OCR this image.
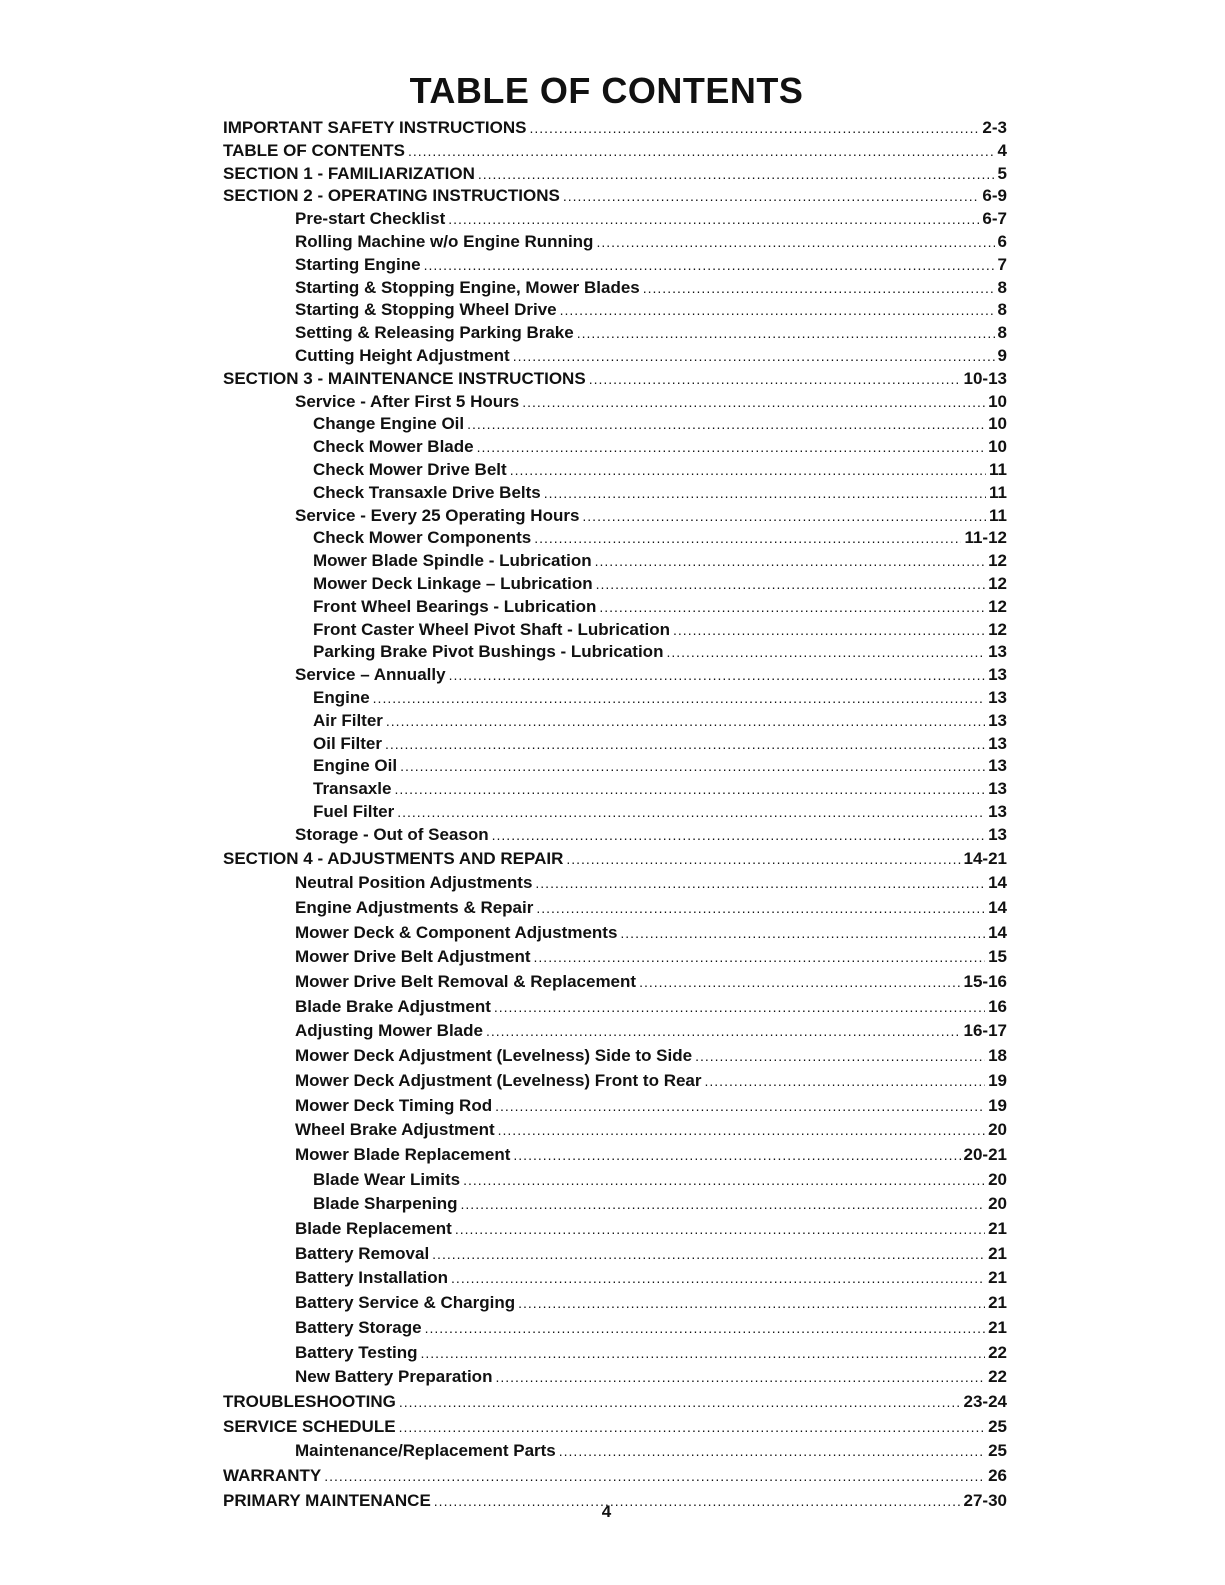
TABLE OF CONTENTS
IMPORTANT SAFETY INSTRUCTIONS .....	2-3
TABLE OF CONTENTS .....	4
SECTION 1 - FAMILIARIZATION .....	5
SECTION 2 - OPERATING INSTRUCTIONS .....	6-9
Pre-start Checklist .....	6-7
Rolling Machine w/o Engine Running .....	6
Starting Engine .....	7
Starting & Stopping Engine, Mower Blades .....	8
Starting & Stopping Wheel Drive .....	8
Setting & Releasing Parking Brake .....	8
Cutting Height Adjustment .....	9
SECTION 3 - MAINTENANCE INSTRUCTIONS .....	10-13
Service - After First 5 Hours .....	10
Change Engine Oil .....	10
Check Mower Blade .....	10
Check Mower Drive Belt .....	11
Check Transaxle Drive Belts .....	11
Service - Every 25 Operating Hours .....	11
Check Mower Components .....	11-12
Mower Blade Spindle - Lubrication .....	12
Mower Deck Linkage – Lubrication .....	12
Front Wheel Bearings - Lubrication .....	12
Front Caster Wheel Pivot Shaft - Lubrication .....	12
Parking Brake Pivot Bushings - Lubrication .....	13
Service – Annually .....	13
Engine .....	13
Air Filter .....	13
Oil Filter .....	13
Engine Oil .....	13
Transaxle .....	13
Fuel Filter .....	13
Storage - Out of Season .....	13
SECTION 4 - ADJUSTMENTS AND REPAIR .....	14-21
Neutral Position Adjustments .....	14
Engine Adjustments & Repair .....	14
Mower Deck & Component Adjustments .....	14
Mower Drive Belt Adjustment .....	15
Mower Drive Belt Removal & Replacement .....	15-16
Blade Brake Adjustment .....	16
Adjusting Mower Blade .....	16-17
Mower Deck Adjustment (Levelness) Side to Side .....	18
Mower Deck Adjustment (Levelness) Front to Rear .....	19
Mower Deck Timing Rod .....	19
Wheel Brake Adjustment .....	20
Mower Blade Replacement .....	20-21
Blade Wear Limits .....	20
Blade Sharpening .....	20
Blade Replacement .....	21
Battery Removal .....	21
Battery Installation .....	21
Battery Service & Charging .....	21
Battery Storage .....	21
Battery Testing .....	22
New Battery Preparation .....	22
TROUBLESHOOTING .....	23-24
SERVICE SCHEDULE .....	25
Maintenance/Replacement Parts .....	25
WARRANTY .....	26
PRIMARY MAINTENANCE .....	27-30
4
